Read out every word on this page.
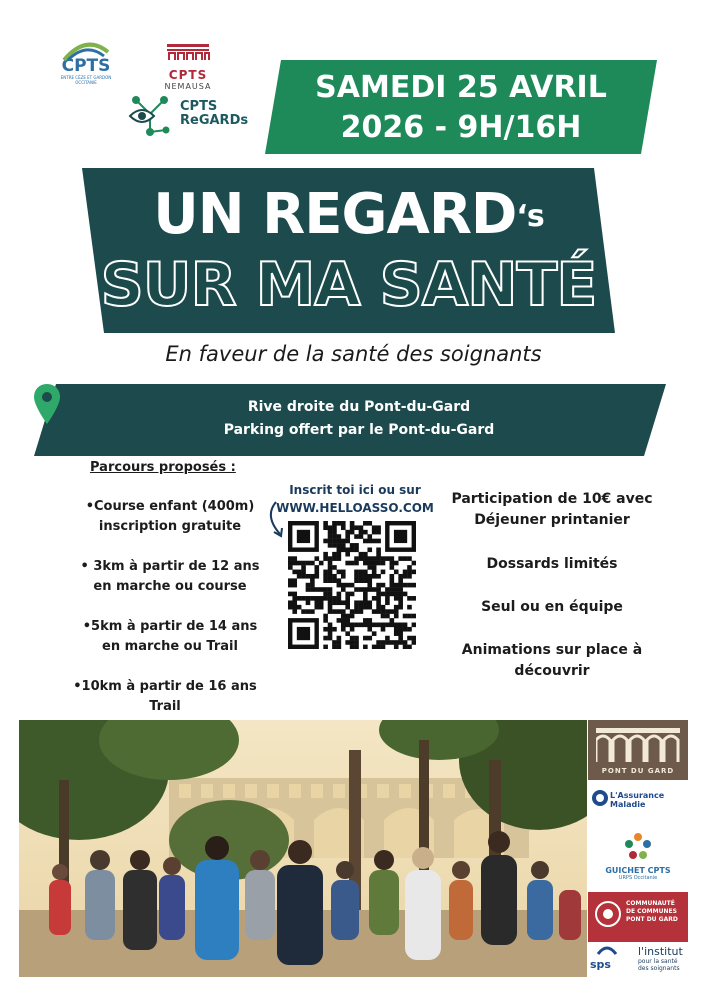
CPTS
ENTRE CÈZE ET GARDON OCCITANIE
CPTS
NEMAUSA
CPTS
ReGARDs
SAMEDI 25 AVRIL
2026 - 9H/16H
UN $REGARD^{‘s}$
SUR MA SANTÉ
En faveur de la santé des soignants
Rive droite du Pont-du-Gard
Parking offert par le Pont-du-Gard
Parcours proposés :
•Course enfant (400m)
inscription gratuite
• 3km à partir de 12 ans
en marche ou course
•5km à partir de 14 ans
en marche ou Trail
•10km à partir de 16 ans
Trail
Inscrit toi ici ou sur
WWW.HELLOASSO.COM
Participation de 10€ avec
Déjeuner printanier
Dossards limités
Seul ou en équipe
Animations sur place à
découvrir
PONT DU GARD
L'Assurance
Maladie
GUICHET CPTS
URPS Occitanie
COMMUNAUTÉ
DE COMMUNES
PONT DU GARD
sps
l'institut
pour la santé
des soignants
